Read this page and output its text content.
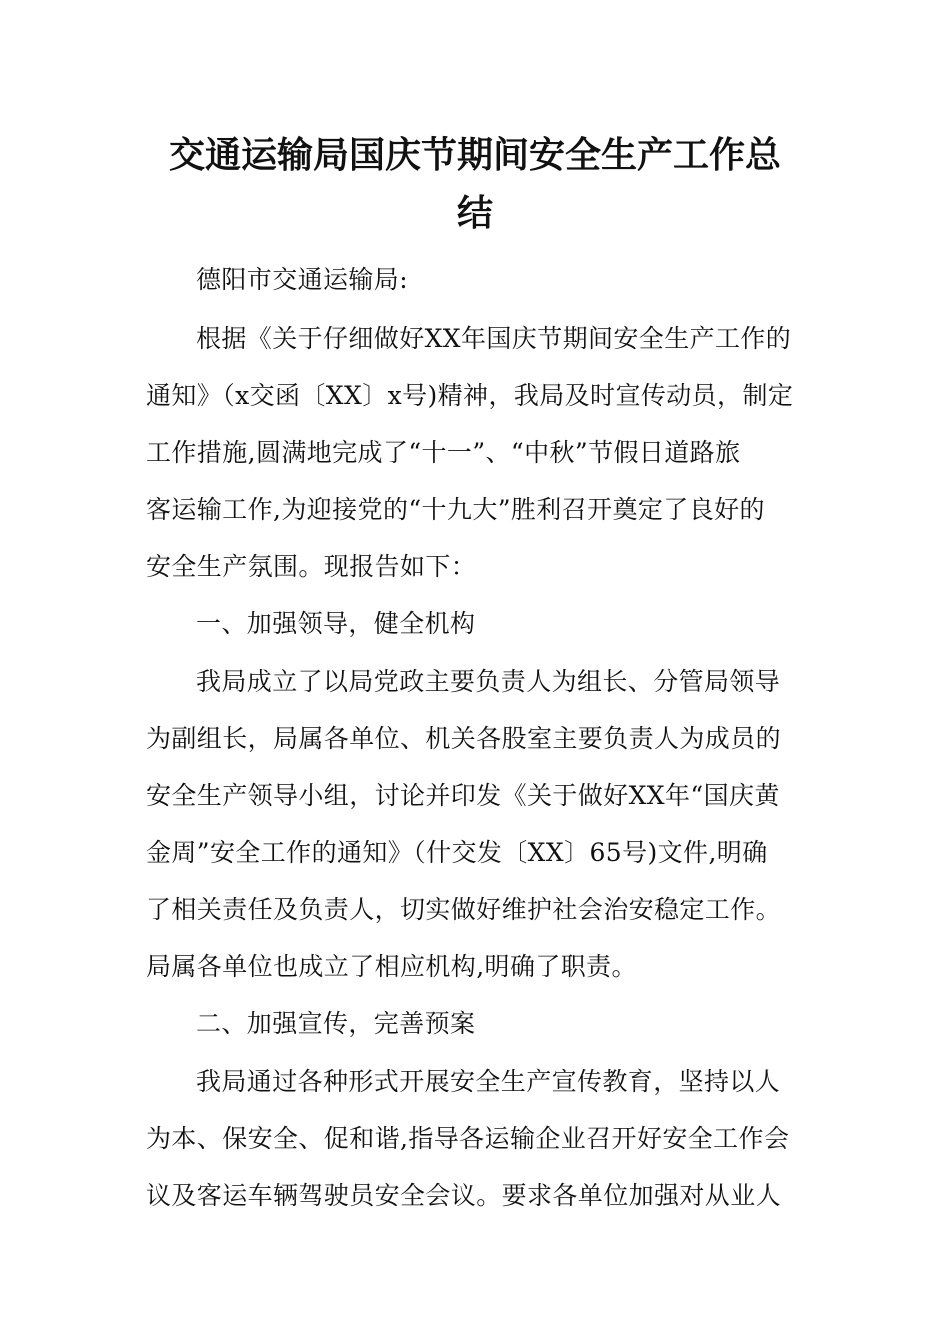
交通运输局国庆节期间安全生产工作总
结
德阳市交通运输局:
根据《关于仔细做好XX年国庆节期间安全生产工作的
通知》（x交函〔XX〕x号)精神，我局及时宣传动员，制定
工作措施,圆满地完成了“十一”、“中秋”节假日道路旅
客运输工作,为迎接党的“十九大”胜利召开奠定了良好的
安全生产氛围。现报告如下：
一、加强领导，健全机构
我局成立了以局党政主要负责人为组长、分管局领导
为副组长，局属各单位、机关各股室主要负责人为成员的
安全生产领导小组，讨论并印发《关于做好XX年“国庆黄
金周”安全工作的通知》（什交发〔XX〕65号)文件,明确
了相关责任及负责人，切实做好维护社会治安稳定工作。
局属各单位也成立了相应机构,明确了职责。
二、加强宣传，完善预案
我局通过各种形式开展安全生产宣传教育，坚持以人
为本、保安全、促和谐,指导各运输企业召开好安全工作会
议及客运车辆驾驶员安全会议。要求各单位加强对从业人
